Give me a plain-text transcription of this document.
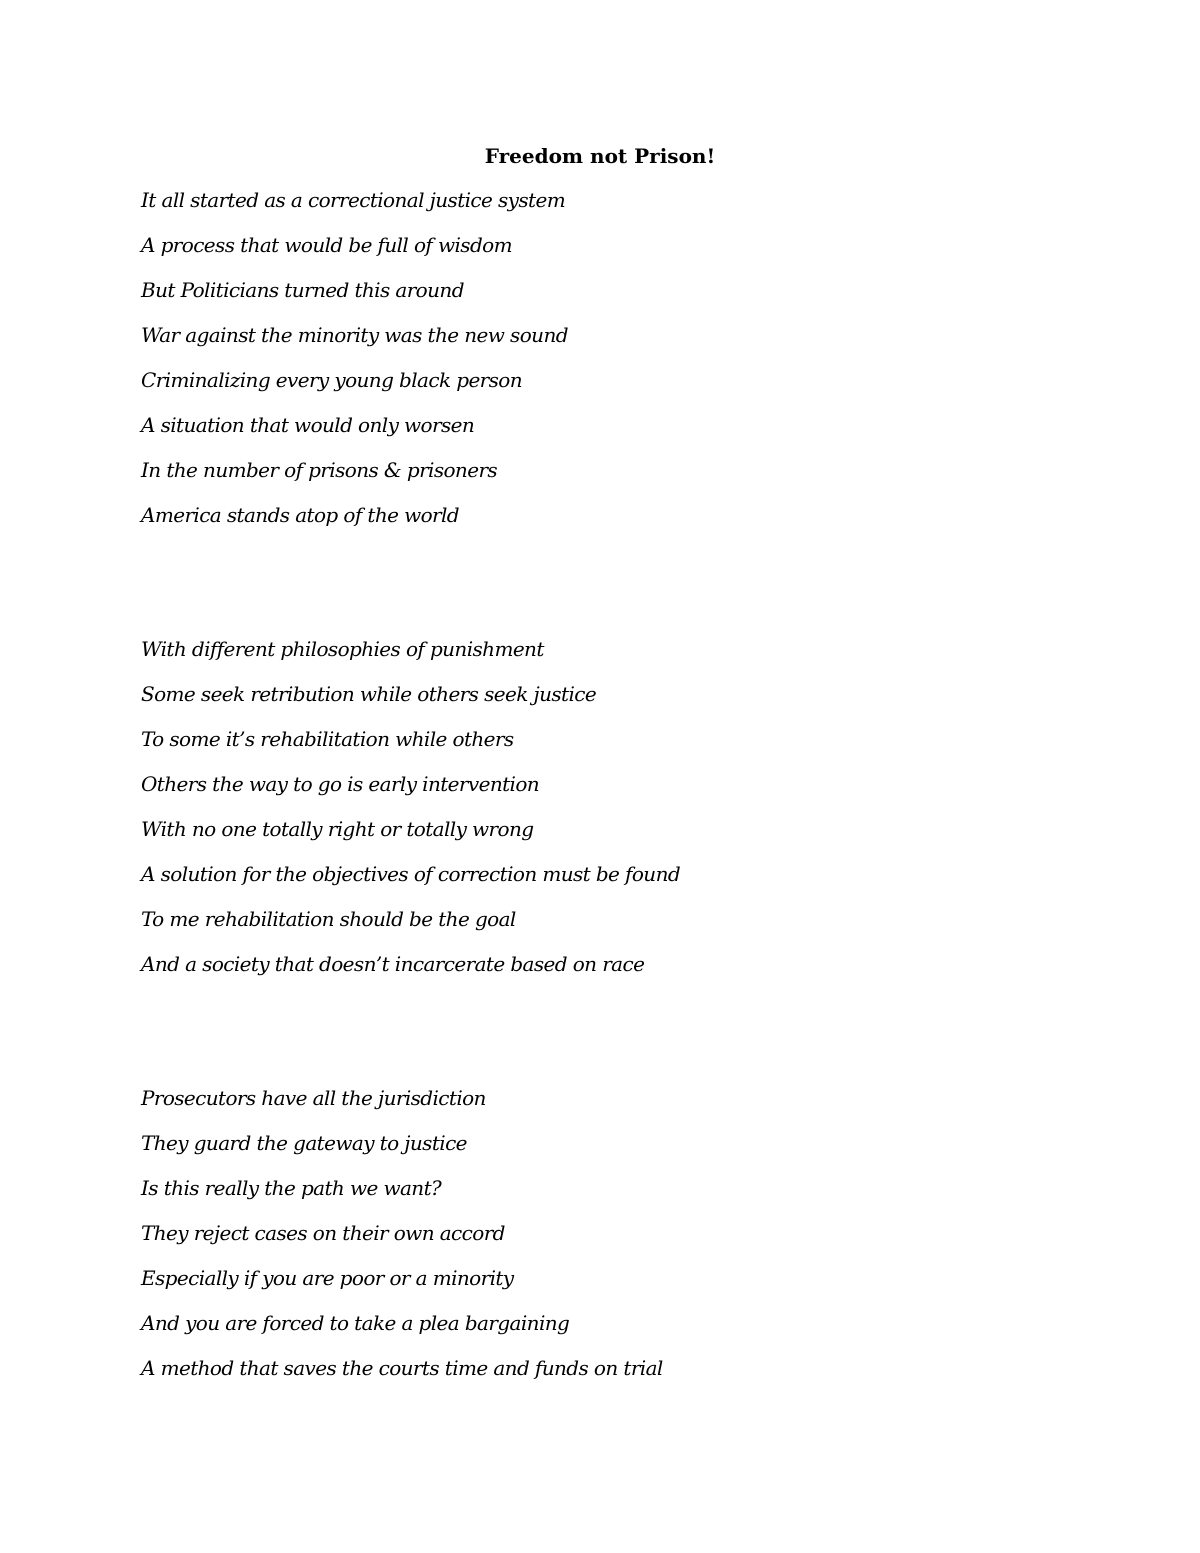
Freedom not Prison!
It all started as a correctional justice system
A process that would be full of wisdom
But Politicians turned this around
War against the minority was the new sound
Criminalizing every young black person
A situation that would only worsen
In the number of prisons & prisoners
America stands atop of the world
With different philosophies of punishment
Some seek retribution while others seek justice
To some it’s rehabilitation while others
Others the way to go is early intervention
With no one totally right or totally wrong
A solution for the objectives of correction must be found
To me rehabilitation should be the goal
And a society that doesn’t incarcerate based on race
Prosecutors have all the jurisdiction
They guard the gateway to justice
Is this really the path we want?
They reject cases on their own accord
Especially if you are poor or a minority
And you are forced to take a plea bargaining
A method that saves the courts time and funds on trial
